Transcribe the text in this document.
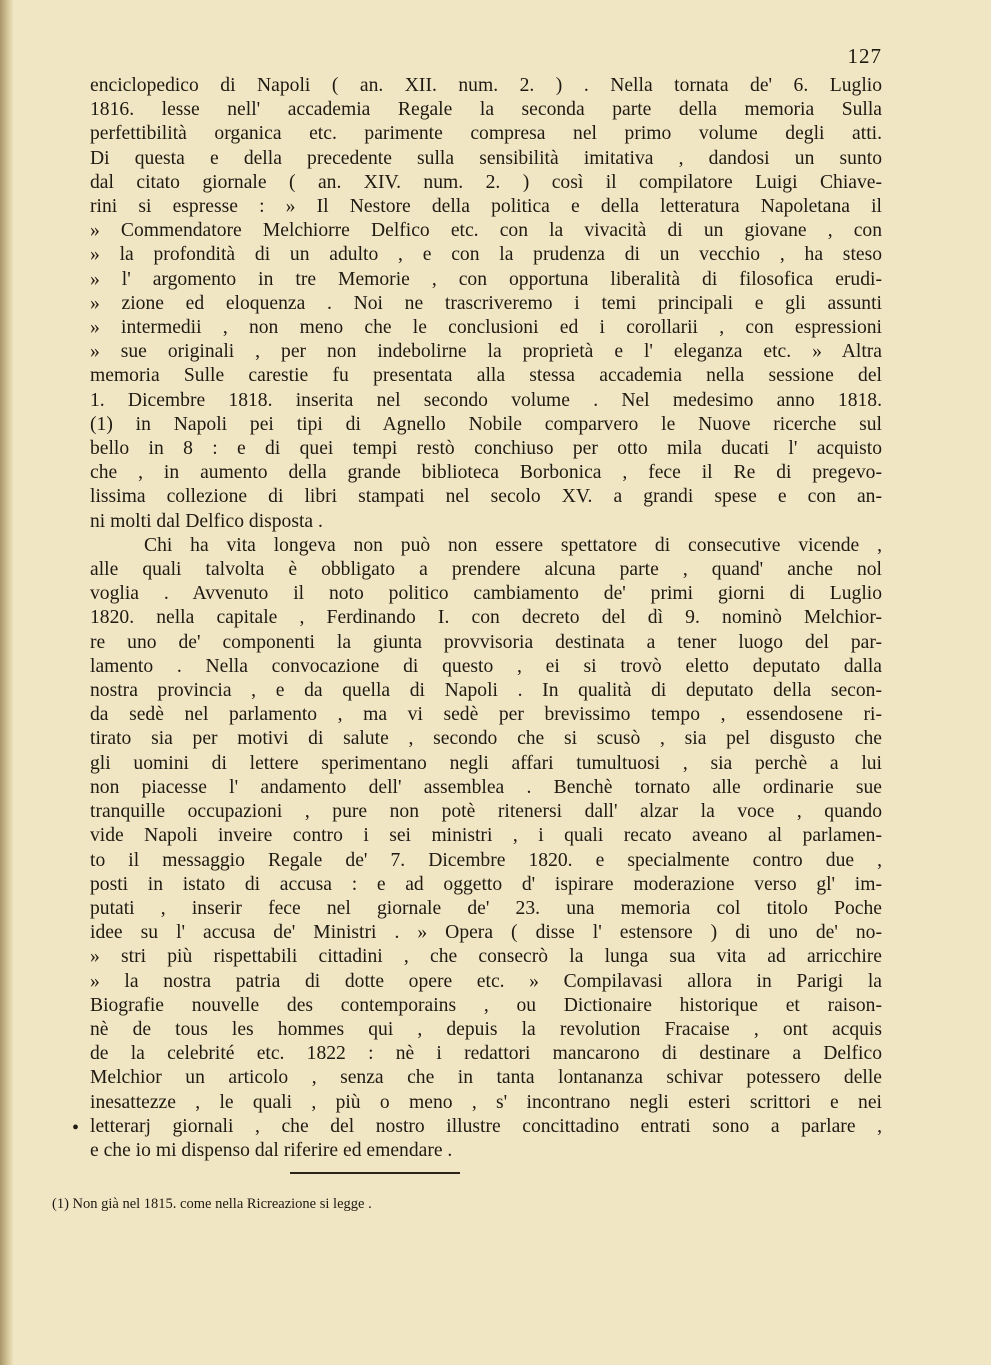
127
enciclopedico di Napoli ( an. XII. num. 2. ) . Nella tornata de' 6. Luglio
1816. lesse nell' accademia Regale la seconda parte della memoria Sulla
perfettibilità organica etc. parimente compresa nel primo volume degli atti.
Di questa e della precedente sulla sensibilità imitativa , dandosi un sunto
dal citato giornale ( an. XIV. num. 2. ) così il compilatore Luigi Chiave-
rini si espresse : » Il Nestore della politica e della letteratura Napoletana il
» Commendatore Melchiorre Delfico etc. con la vivacità di un giovane , con
» la profondità di un adulto , e con la prudenza di un vecchio , ha steso
» l' argomento in tre Memorie , con opportuna liberalità di filosofica erudi-
» zione ed eloquenza . Noi ne trascriveremo i temi principali e gli assunti
» intermedii , non meno che le conclusioni ed i corollarii , con espressioni
» sue originali , per non indebolirne la proprietà e l' eleganza etc. » Altra
memoria Sulle carestie fu presentata alla stessa accademia nella sessione del
1. Dicembre 1818. inserita nel secondo volume . Nel medesimo anno 1818.
(1) in Napoli pei tipi di Agnello Nobile comparvero le Nuove ricerche sul
bello in 8 : e di quei tempi restò conchiuso per otto mila ducati l' acquisto
che , in aumento della grande biblioteca Borbonica , fece il Re di pregevo-
lissima collezione di libri stampati nel secolo XV. a grandi spese e con an-
ni molti dal Delfico disposta .
Chi ha vita longeva non può non essere spettatore di consecutive vicende ,
alle quali talvolta è obbligato a prendere alcuna parte , quand' anche nol
voglia . Avvenuto il noto politico cambiamento de' primi giorni di Luglio
1820. nella capitale , Ferdinando I. con decreto del dì 9. nominò Melchior-
re uno de' componenti la giunta provvisoria destinata a tener luogo del par-
lamento . Nella convocazione di questo , ei si trovò eletto deputato dalla
nostra provincia , e da quella di Napoli . In qualità di deputato della secon-
da sedè nel parlamento , ma vi sedè per brevissimo tempo , essendosene ri-
tirato sia per motivi di salute , secondo che si scusò , sia pel disgusto che
gli uomini di lettere sperimentano negli affari tumultuosi , sia perchè a lui
non piacesse l' andamento dell' assemblea . Benchè tornato alle ordinarie sue
tranquille occupazioni , pure non potè ritenersi dall' alzar la voce , quando
vide Napoli inveire contro i sei ministri , i quali recato aveano al parlamen-
to il messaggio Regale de' 7. Dicembre 1820. e specialmente contro due ,
posti in istato di accusa : e ad oggetto d' ispirare moderazione verso gl' im-
putati , inserir fece nel giornale de' 23. una memoria col titolo Poche
idee su l' accusa de' Ministri . » Opera ( disse l' estensore ) di uno de' no-
» stri più rispettabili cittadini , che consecrò la lunga sua vita ad arricchire
» la nostra patria di dotte opere etc. » Compilavasi allora in Parigi la
Biografie nouvelle des contemporains , ou Dictionaire historique et raison-
nè de tous les hommes qui , depuis la revolution Fracaise , ont acquis
de la celebrité etc. 1822 : nè i redattori mancarono di destinare a Delfico
Melchior un articolo , senza che in tanta lontananza schivar potessero delle
inesattezze , le quali , più o meno , s' incontrano negli esteri scrittori e nei
letterarj giornali , che del nostro illustre concittadino entrati sono a parlare ,
e che io mi dispenso dal riferire ed emendare .
•
(1) Non già nel 1815. come nella Ricreazione si legge .
